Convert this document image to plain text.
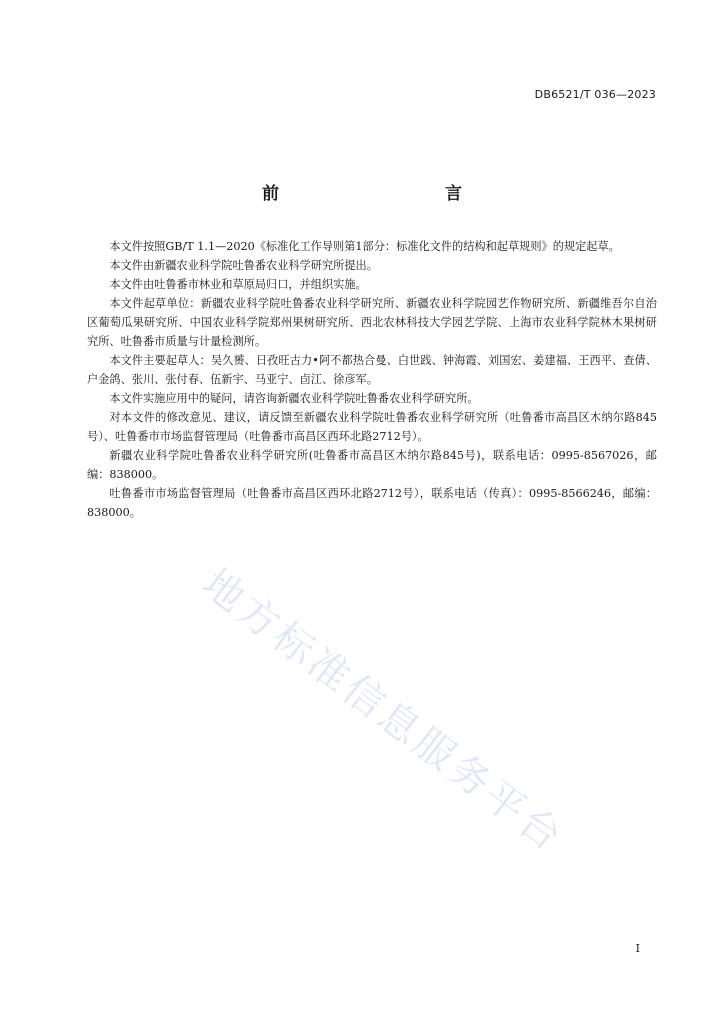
DB6521/T 036—2023
前　　言

本文件按照GB/T 1.1—2020《标准化工作导则第1部分：标准化文件的结构和起草规则》的规定起草。

本文件由新疆农业科学院吐鲁番农业科学研究所提出。

本文件由吐鲁番市林业和草原局归口，并组织实施。

本文件起草单位：新疆农业科学院吐鲁番农业科学研究所、新疆农业科学院园艺作物研究所、新疆维吾尔自治区葡萄瓜果研究所、中国农业科学院郑州果树研究所、西北农林科技大学园艺学院、上海市农业科学院林木果树研究所、吐鲁番市质量与计量检测所。

本文件主要起草人：吴久赟、日孜旺古力•阿不都热合曼、白世践、钟海霞、刘国宏、姜建福、王西平、查倩、户金鸽、张川、张付春、伍新宇、马亚宁、卣江、徐彦军。

本文件实施应用中的疑问，请咨询新疆农业科学院吐鲁番农业科学研究所。

对本文件的修改意见、建议，请反馈至新疆农业科学院吐鲁番农业科学研究所（吐鲁番市高昌区木纳尔路845号）、吐鲁番市市场监督管理局（吐鲁番市高昌区西环北路2712号）。

新疆农业科学院吐鲁番农业科学研究所(吐鲁番市高昌区木纳尔路845号)，联系电话：0995-8567026，邮编：838000。

吐鲁番市市场监督管理局（吐鲁番市高昌区西环北路2712号），联系电话（传真）：0995-8566246，邮编：838000。

地方标准信息服务平台
I
